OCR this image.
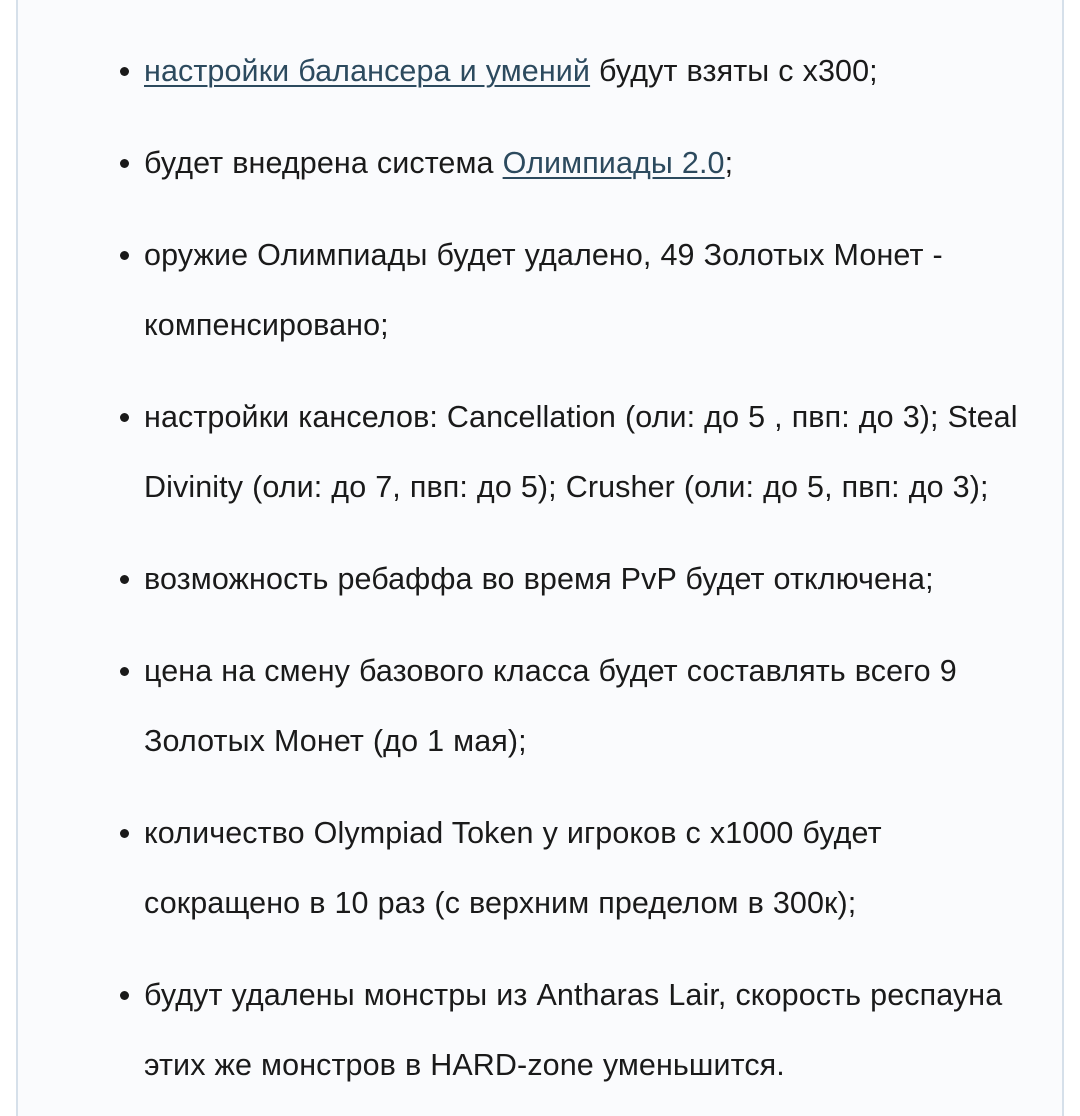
настройки балансера и умений будут взяты с x300;
будет внедрена система Олимпиады 2.0;
оружие Олимпиады будет удалено, 49 Золотых Монет - компенсировано;
настройки канселов: Cancellation (оли: до 5 , пвп: до 3); Steal Divinity (оли: до 7, пвп: до 5); Crusher (оли: до 5, пвп: до 3);
возможность ребаффа во время PvP будет отключена;
цена на смену базового класса будет составлять всего 9 Золотых Монет (до 1 мая);
количество Olympiad Token у игроков с x1000 будет сокращено в 10 раз (с верхним пределом в 300к);
будут удалены монстры из Antharas Lair, скорость респауна этих же монстров в HARD-zone уменьшится.
